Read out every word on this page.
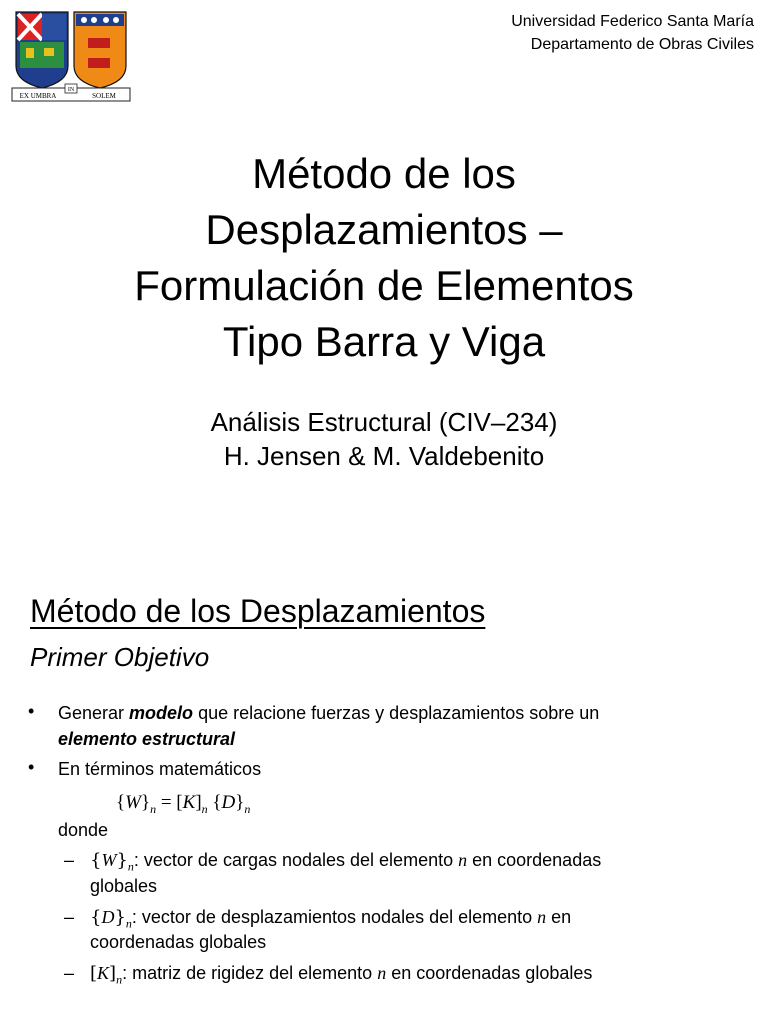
EX UMBRA
IN
SOLEM
Universidad Federico Santa María
Departamento de Obras Civiles
Método de los
Desplazamientos –
Formulación de Elementos
Tipo Barra y Viga
Análisis Estructural (CIV–234)
H. Jensen & M. Valdebenito
Método de los Desplazamientos
Primer Objetivo
• Generar modelo que relacione fuerzas y desplazamientos sobre un
elemento estructural
• En términos matemáticos
$\{W\}_n = [K]_n$ $\{D\}_n$
donde
– $\{W\}_n$: vector de cargas nodales del elemento n en coordenadas
globales
– $\{D\}_n$: vector de desplazamientos nodales del elemento n en
coordenadas globales
– $[K]_n$: matriz de rigidez del elemento n en coordenadas globales
